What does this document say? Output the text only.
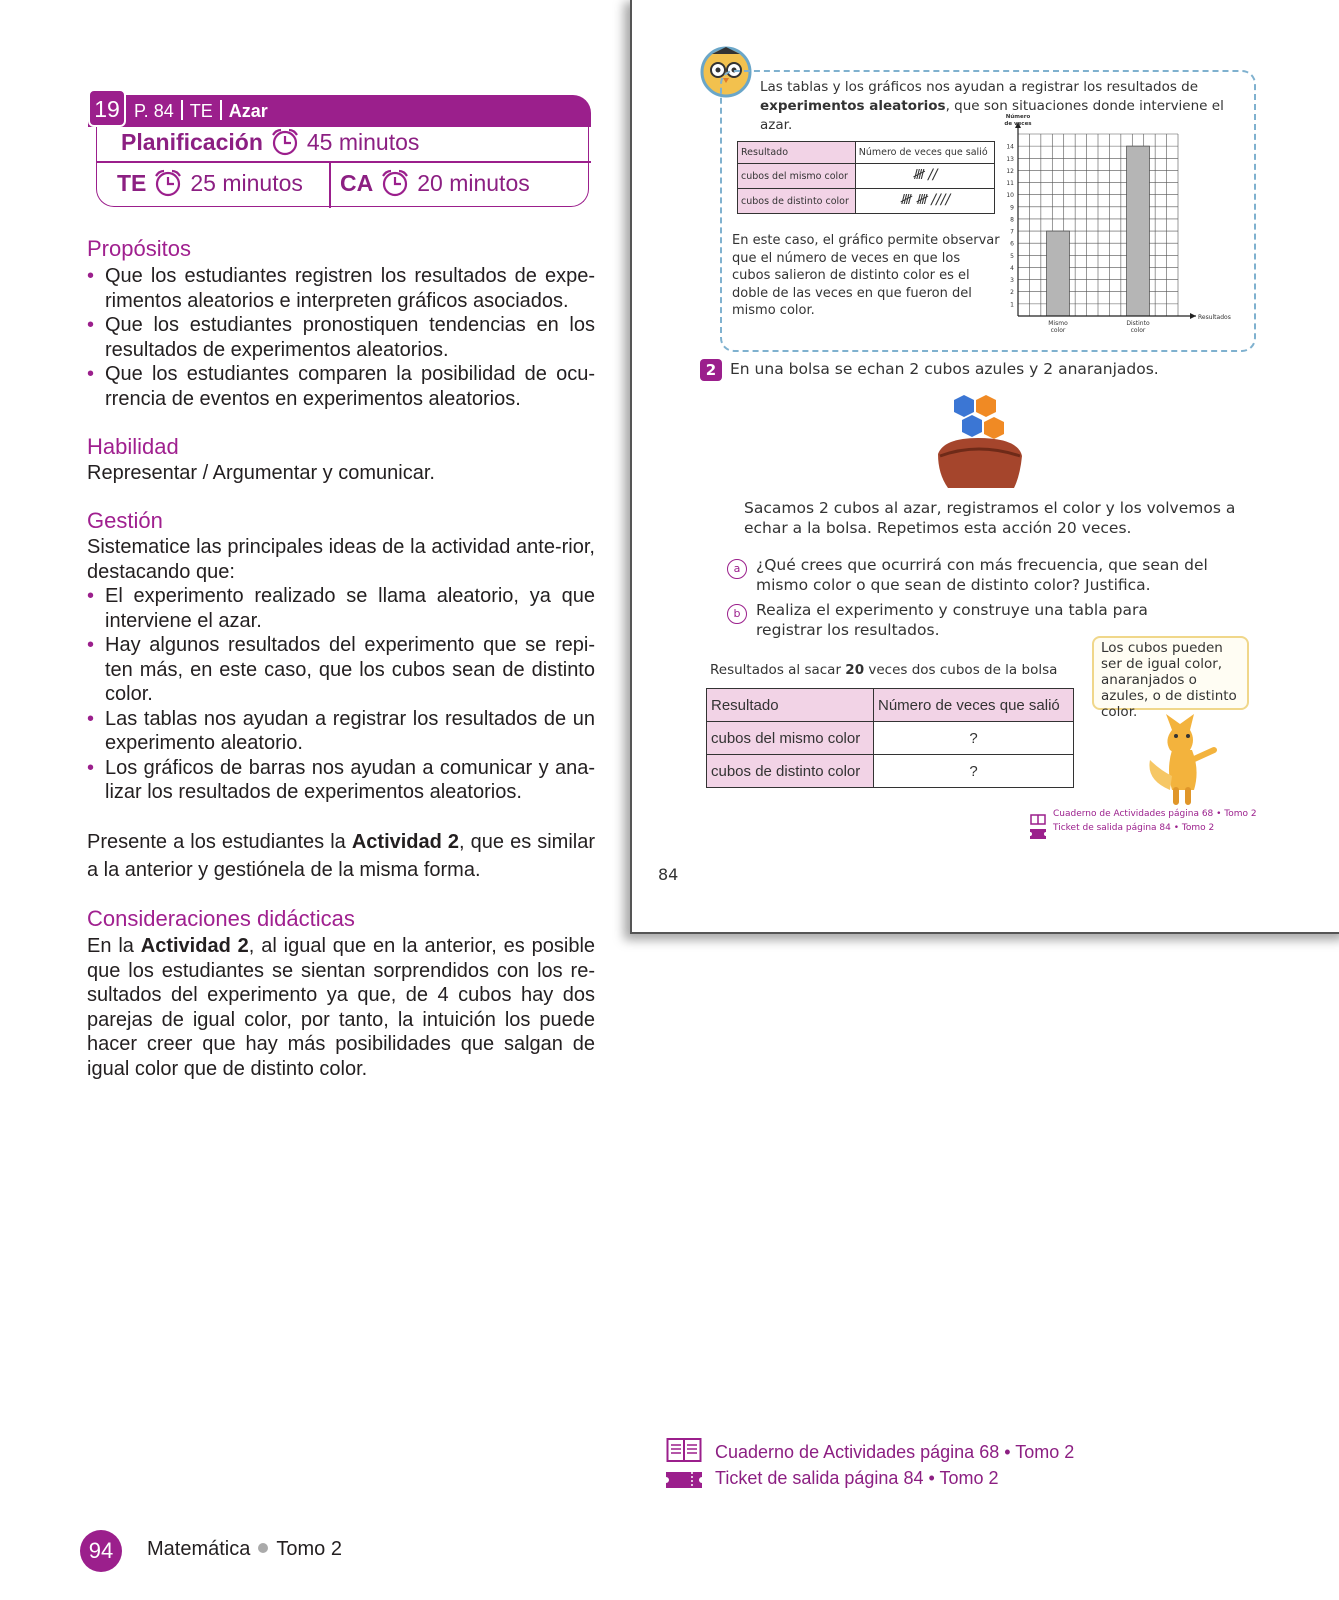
19 P. 84 TE Azar
Planificación 45 minutos
TE 25 minutos CA 20 minutos
Propósitos
• Que los estudiantes registren los resultados de expe-rimentos aleatorios e interpreten gráficos asociados.
• Que los estudiantes pronostiquen tendencias en los resultados de experimentos aleatorios.
• Que los estudiantes comparen la posibilidad de ocu-rrencia de eventos en experimentos aleatorios.
Habilidad
Representar / Argumentar y comunicar.
Gestión
Sistematice las principales ideas de la actividad ante-rior, destacando que:
• El experimento realizado se llama aleatorio, ya que interviene el azar.
• Hay algunos resultados del experimento que se repi-ten más, en este caso, que los cubos sean de distinto color.
• Las tablas nos ayudan a registrar los resultados de un experimento aleatorio.
• Los gráficos de barras nos ayudan a comunicar y ana-lizar los resultados de experimentos aleatorios.
Presente a los estudiantes la Actividad 2, que es similar a la anterior y gestiónela de la misma forma.
Consideraciones didácticas
En la Actividad 2, al igual que en la anterior, es posible que los estudiantes se sientan sorprendidos con los re-sultados del experimento ya que, de 4 cubos hay dos parejas de igual color, por tanto, la intuición los puede hacer creer que hay más posibilidades que salgan de igual color que de distinto color.
Las tablas y los gráficos nos ayudan a registrar los resultados de
experimentos aleatorios, que son situaciones donde interviene el azar.
Resultado	Número de veces que salió
cubos del mismo color	𝍸 //
cubos de distinto color	𝍸 𝍸 ////
En este caso, el gráfico permite observar que el número de veces en que los cubos salieron de distinto color es el doble de las veces en que fueron del mismo color.	1
2
3
4
5
6
7
8
9
10
11
12
13
14
Mismo
color
Distinto
color
Número
de veces
Resultados
2 En una bolsa se echan 2 cubos azules y 2 anaranjados.
Sacamos 2 cubos al azar, registramos el color y los volvemos a echar a la bolsa. Repetimos esta acción 20 veces.
a	¿Qué crees que ocurrirá con más frecuencia, que sean del mismo color o que sean de distinto color? Justifica.
b	Realiza el experimento y construye una tabla para registrar los resultados.
Resultados al sacar 20 veces dos cubos de la bolsa
Resultado	Número de veces que salió
cubos del mismo color	?
cubos de distinto color	?
Los cubos pueden ser de igual color, anaranjados o azules, o de distinto color.
Cuaderno de Actividades página 68 • Tomo 2
Ticket de salida página 84 • Tomo 2
84
Cuaderno de Actividades página 68 • Tomo 2
Ticket de salida página 84 • Tomo 2
94	Matemática Tomo 2
